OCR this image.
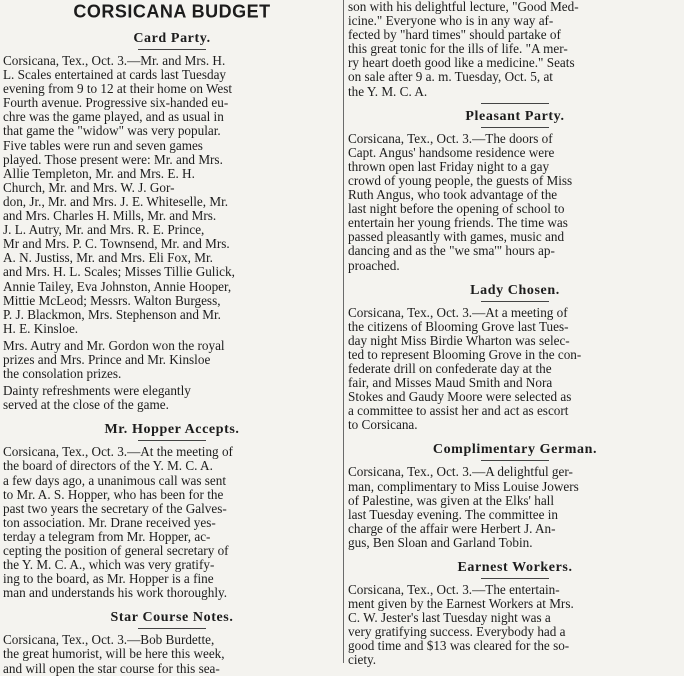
CORSICANA BUDGET
Card Party.

Corsicana, Tex., Oct. 3.—Mr. and Mrs. H.
L. Scales entertained at cards last Tuesday
evening from 9 to 12 at their home on West
Fourth avenue. Progressive six-handed eu-
chre was the game played, and as usual in
that game the "widow" was very popular.
Five tables were run and seven games
played. Those present were: Mr. and Mrs.
Allie Templeton, Mr. and Mrs. E. H.
Church, Mr. and Mrs. W. J. Gor-
don, Jr., Mr. and Mrs. J. E. Whiteselle, Mr.
and Mrs. Charles H. Mills, Mr. and Mrs.
J. L. Autry, Mr. and Mrs. R. E. Prince,
Mr and Mrs. P. C. Townsend, Mr. and Mrs.
A. N. Justiss, Mr. and Mrs. Eli Fox, Mr.
and Mrs. H. L. Scales; Misses Tillie Gulick,
Annie Tailey, Eva Johnston, Annie Hooper,
Mittie McLeod; Messrs. Walton Burgess,
P. J. Blackmon, Mrs. Stephenson and Mr.
H. E. Kinsloe.

Mrs. Autry and Mr. Gordon won the royal
prizes and Mrs. Prince and Mr. Kinsloe
the consolation prizes.

Dainty refreshments were elegantly
served at the close of the game.

Mr. Hopper Accepts.

Corsicana, Tex., Oct. 3.—At the meeting of
the board of directors of the Y. M. C. A.
a few days ago, a unanimous call was sent
to Mr. A. S. Hopper, who has been for the
past two years the secretary of the Galves-
ton association. Mr. Drane received yes-
terday a telegram from Mr. Hopper, ac-
cepting the position of general secretary of
the Y. M. C. A., which was very gratify-
ing to the board, as Mr. Hopper is a fine
man and understands his work thoroughly.

Star Course Notes.

Corsicana, Tex., Oct. 3.—Bob Burdette,
the great humorist, will be here this week,
and will open the star course for this sea-

son with his delightful lecture, "Good Med-
icine." Everyone who is in any way af-
fected by "hard times" should partake of
this great tonic for the ills of life. "A mer-
ry heart doeth good like a medicine." Seats
on sale after 9 a. m. Tuesday, Oct. 5, at
the Y. M. C. A.

Pleasant Party.

Corsicana, Tex., Oct. 3.—The doors of
Capt. Angus' handsome residence were
thrown open last Friday night to a gay
crowd of young people, the guests of Miss
Ruth Angus, who took advantage of the
last night before the opening of school to
entertain her young friends. The time was
passed pleasantly with games, music and
dancing and as the "we sma'" hours ap-
proached.

Lady Chosen.

Corsicana, Tex., Oct. 3.—At a meeting of
the citizens of Blooming Grove last Tues-
day night Miss Birdie Wharton was selec-
ted to represent Blooming Grove in the con-
federate drill on confederate day at the
fair, and Misses Maud Smith and Nora
Stokes and Gaudy Moore were selected as
a committee to assist her and act as escort
to Corsicana.

Complimentary German.

Corsicana, Tex., Oct. 3.—A delightful ger-
man, complimentary to Miss Louise Jowers
of Palestine, was given at the Elks' hall
last Tuesday evening. The committee in
charge of the affair were Herbert J. An-
gus, Ben Sloan and Garland Tobin.

Earnest Workers.

Corsicana, Tex., Oct. 3.—The entertain-
ment given by the Earnest Workers at Mrs.
C. W. Jester's last Tuesday night was a
very gratifying success. Everybody had a
good time and $13 was cleared for the so-
ciety.
